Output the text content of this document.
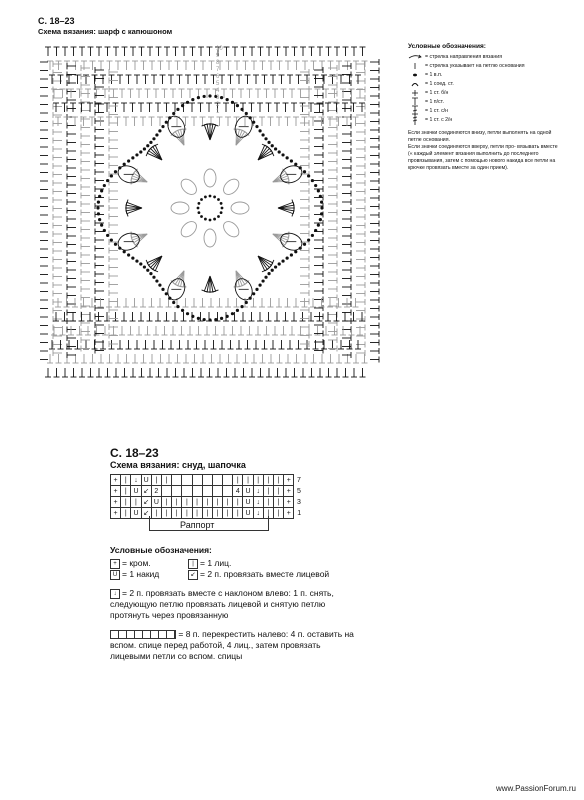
С. 18–23
Схема вязания: шарф с капюшоном
10
9
8
7
6
5
4
3
2
1
Условные обозначения:
= стрелка направления вязания
= стрелка указывает на петлю основания
= 1 в.п.
= 1 соед. ст.
= 1 ст. б/н
= 1 п/ст.
= 1 ст. с/н
= 1 ст. с 2/н
Если значки соединяются внизу, петли выполнять на одной петле основания.
Если значки соединяются вверху, петли про- вязывать вместе (« каждый элемент вязания выполнить до последнего провязывания, затем с помощью нового накида все петли на крючке провязать вместе за один прием).
С. 18–23
Схема вязания: снуд, шапочка
+	|	↓	U	|	|							|	|	|	|	|	+	7
+	|	U	↙	2								4	U	↓	|	|	+	5
+	|	|	↙	U	|	|	|	|	|	|	|	|	U	↓	|	|	+	3
+	|	U	↙	|	|	|	|	|	|	|	|	|	U	↓	|	|	+	1
Раппорт
Условные обозначения:
+ = кром.	| = 1 лиц.
U = 1 накид	↙ = 2 п. провязать вместе лицевой
↓ = 2 п. провязать вместе с наклоном влево: 1 п. снять, следующую петлю провязать лицевой и снятую петлю протянуть через провязанную
= 8 п. перекрестить налево: 4 п. оставить на вспом. спице перед работой, 4 лиц., затем провязать лицевыми петли со вспом. спицы
www.PassionForum.ru
